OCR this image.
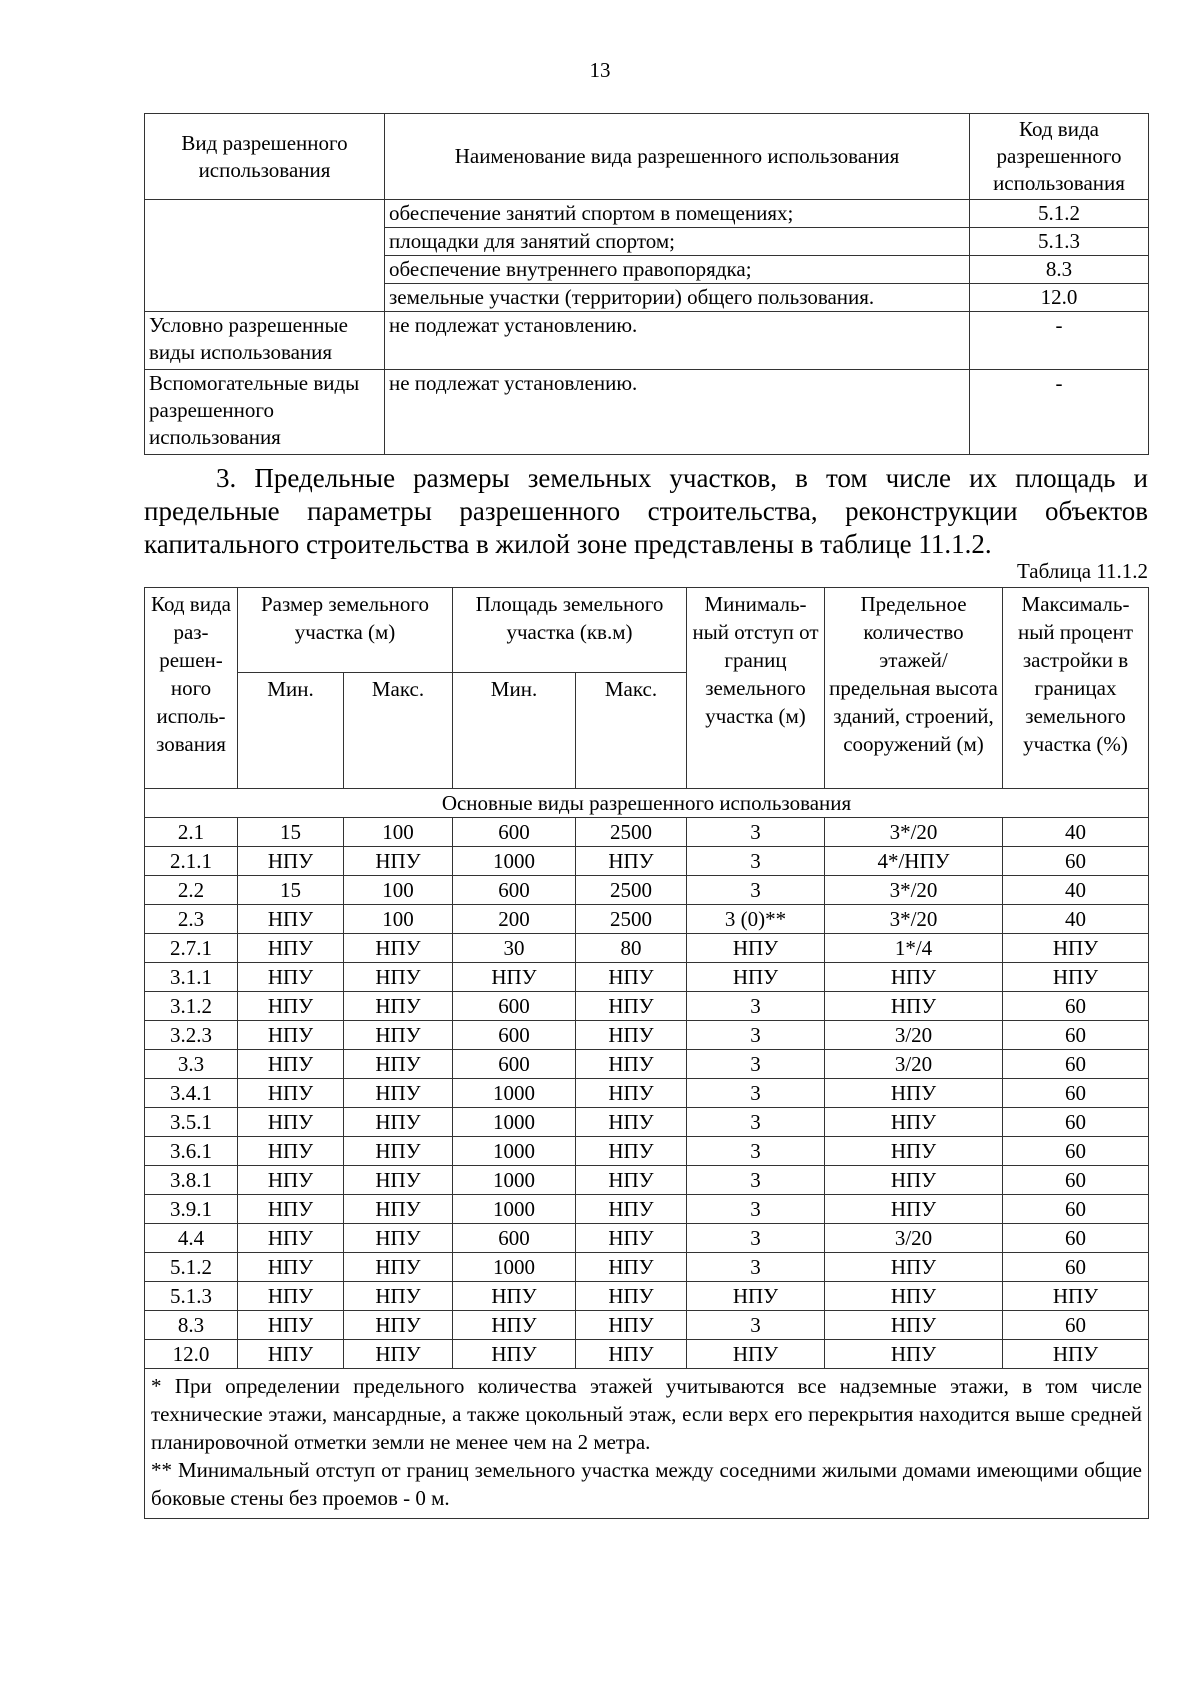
13
Вид разрешенного использования	Наименование вида разрешенного использования	Код вида разрешенного использования
	обеспечение занятий спортом в помещениях;	5.1.2
	площадки для занятий спортом;	5.1.3
	обеспечение внутреннего правопорядка;	8.3
	земельные участки (территории) общего пользования.	12.0
Условно разрешенные виды использования	не подлежат установлению.	-
Вспомогательные виды разрешенного использования	не подлежат установлению.	-

3. Предельные размеры земельных участков, в том числе их площадь и предельные параметры разрешенного строительства, реконструкции объектов капитального строительства в жилой зоне представлены в таблице 11.1.2.

Таблица 11.1.2
Код вида раз-решен-ного исполь-зования	Размер земельного участка (м)		Площадь земельного участка (кв.м)		Минималь-ный отступ от границ земельного участка (м)	Предельное количество этажей/ предельная высота зданий, строений, сооружений (м)	Максималь-ный процент застройки в границах земельного участка (%)
	Мин.	Макс.	Мин.	Макс.			
Основные виды разрешенного использования							
2.1	15	100	600	2500	3	3*/20	40
2.1.1	НПУ	НПУ	1000	НПУ	3	4*/НПУ	60
2.2	15	100	600	2500	3	3*/20	40
2.3	НПУ	100	200	2500	3 (0)**	3*/20	40
2.7.1	НПУ	НПУ	30	80	НПУ	1*/4	НПУ
3.1.1	НПУ	НПУ	НПУ	НПУ	НПУ	НПУ	НПУ
3.1.2	НПУ	НПУ	600	НПУ	3	НПУ	60
3.2.3	НПУ	НПУ	600	НПУ	3	3/20	60
3.3	НПУ	НПУ	600	НПУ	3	3/20	60
3.4.1	НПУ	НПУ	1000	НПУ	3	НПУ	60
3.5.1	НПУ	НПУ	1000	НПУ	3	НПУ	60
3.6.1	НПУ	НПУ	1000	НПУ	3	НПУ	60
3.8.1	НПУ	НПУ	1000	НПУ	3	НПУ	60
3.9.1	НПУ	НПУ	1000	НПУ	3	НПУ	60
4.4	НПУ	НПУ	600	НПУ	3	3/20	60
5.1.2	НПУ	НПУ	1000	НПУ	3	НПУ	60
5.1.3	НПУ	НПУ	НПУ	НПУ	НПУ	НПУ	НПУ
8.3	НПУ	НПУ	НПУ	НПУ	3	НПУ	60
12.0	НПУ	НПУ	НПУ	НПУ	НПУ	НПУ	НПУ

* При определении предельного количества этажей учитываются все надземные этажи, в том числе технические этажи, мансардные, а также цокольный этаж, если верх его перекрытия находится выше средней планировочной отметки земли не менее чем на 2 метра.

** Минимальный отступ от границ земельного участка между соседними жилыми домами имеющими общие боковые стены без проемов - 0 м.							
